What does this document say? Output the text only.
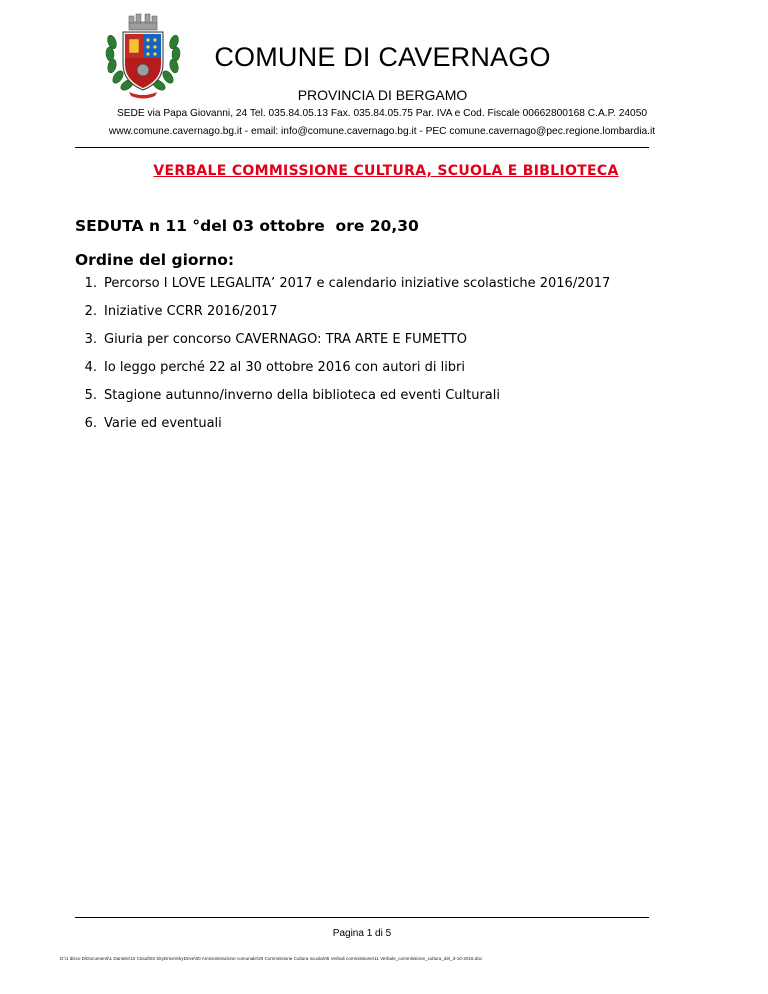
COMUNE DI CAVERNAGO
PROVINCIA DI BERGAMO
SEDE via Papa Giovanni, 24 Tel. 035.84.05.13 Fax. 035.84.05.75 Par. IVA e Cod. Fiscale 00662800168 C.A.P. 24050
www.comune.cavernago.bg.it - email: info@comune.cavernago.bg.it - PEC comune.cavernago@pec.regione.lombardia.it
VERBALE COMMISSIONE CULTURA, SCUOLA E BIBLIOTECA
SEDUTA n 11 °del 03 ottobre  ore 20,30
Ordine del giorno:
1. Percorso I LOVE LEGALITA’ 2017 e calendario iniziative scolastiche 2016/2017
2. Iniziative CCRR 2016/2017
3. Giuria per concorso CAVERNAGO: TRA ARTE E FUMETTO
4. Io leggo perché 22 al 30 ottobre 2016 con autori di libri
5. Stagione autunno/inverno della biblioteca ed eventi Culturali
6. Varie ed eventuali
Pagina 1 di 5
D:\1 disco D\Documenti\1 Daniele\10 Cloud\03 SkyDrive\SkyDrive\00 Amministrazione comunale\20 Commissione Cultura scuola\06 Verbali commissione\11 Verbale_commissione_cultura_del_3-10-2016.doc
